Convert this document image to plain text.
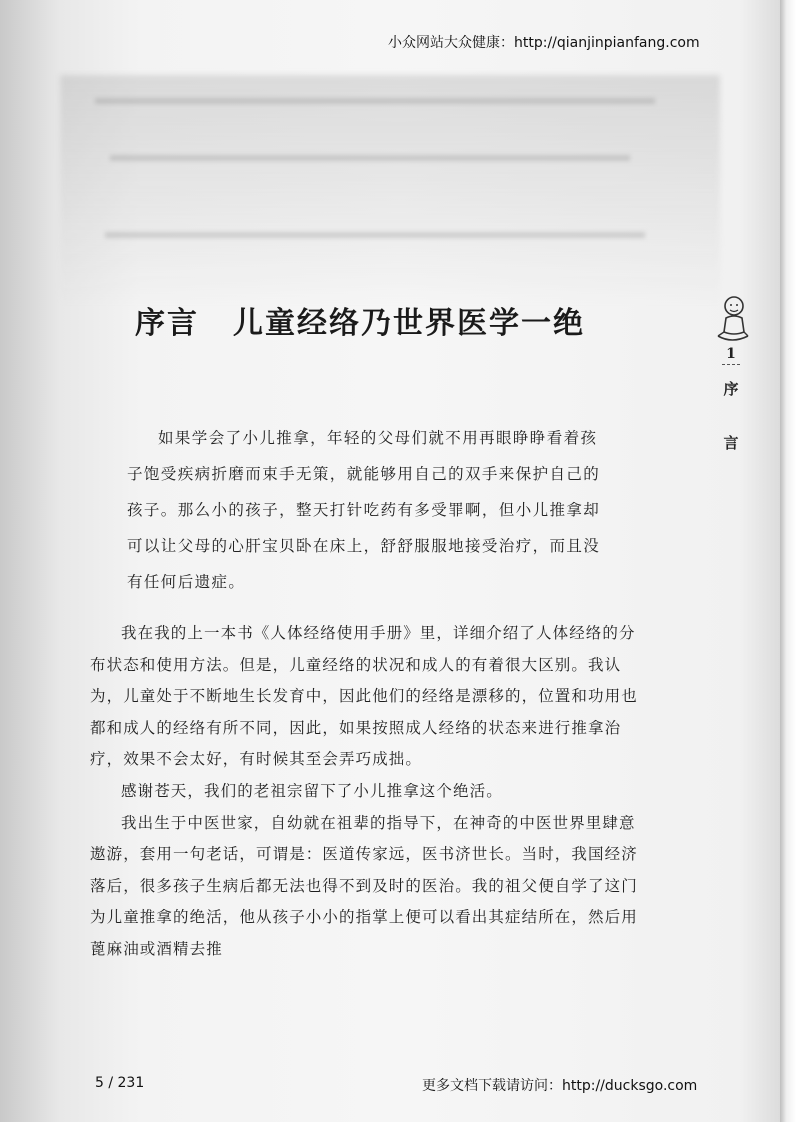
小众网站大众健康：http://qianjinpianfang.com
序言 儿童经络乃世界医学一绝
1
序
言

如果学会了小儿推拿，年轻的父母们就不用再眼睁睁看着孩子饱受疾病折磨而束手无策，就能够用自己的双手来保护自己的孩子。那么小的孩子，整天打针吃药有多受罪啊，但小儿推拿却可以让父母的心肝宝贝卧在床上，舒舒服服地接受治疗，而且没有任何后遗症。

我在我的上一本书《人体经络使用手册》里，详细介绍了人体经络的分布状态和使用方法。但是，儿童经络的状况和成人的有着很大区别。我认为，儿童处于不断地生长发育中，因此他们的经络是漂移的，位置和功用也都和成人的经络有所不同，因此，如果按照成人经络的状态来进行推拿治疗，效果不会太好，有时候其至会弄巧成拙。

感谢苍天，我们的老祖宗留下了小儿推拿这个绝活。

我出生于中医世家，自幼就在祖辈的指导下，在神奇的中医世界里肆意遨游，套用一句老话，可谓是：医道传家远，医书济世长。当时，我国经济落后，很多孩子生病后都无法也得不到及时的医治。我的祖父便自学了这门为儿童推拿的绝活，他从孩子小小的指掌上便可以看出其症结所在，然后用蓖麻油或酒精去推

5 / 231	更多文档下载请访问：http://ducksgo.com
